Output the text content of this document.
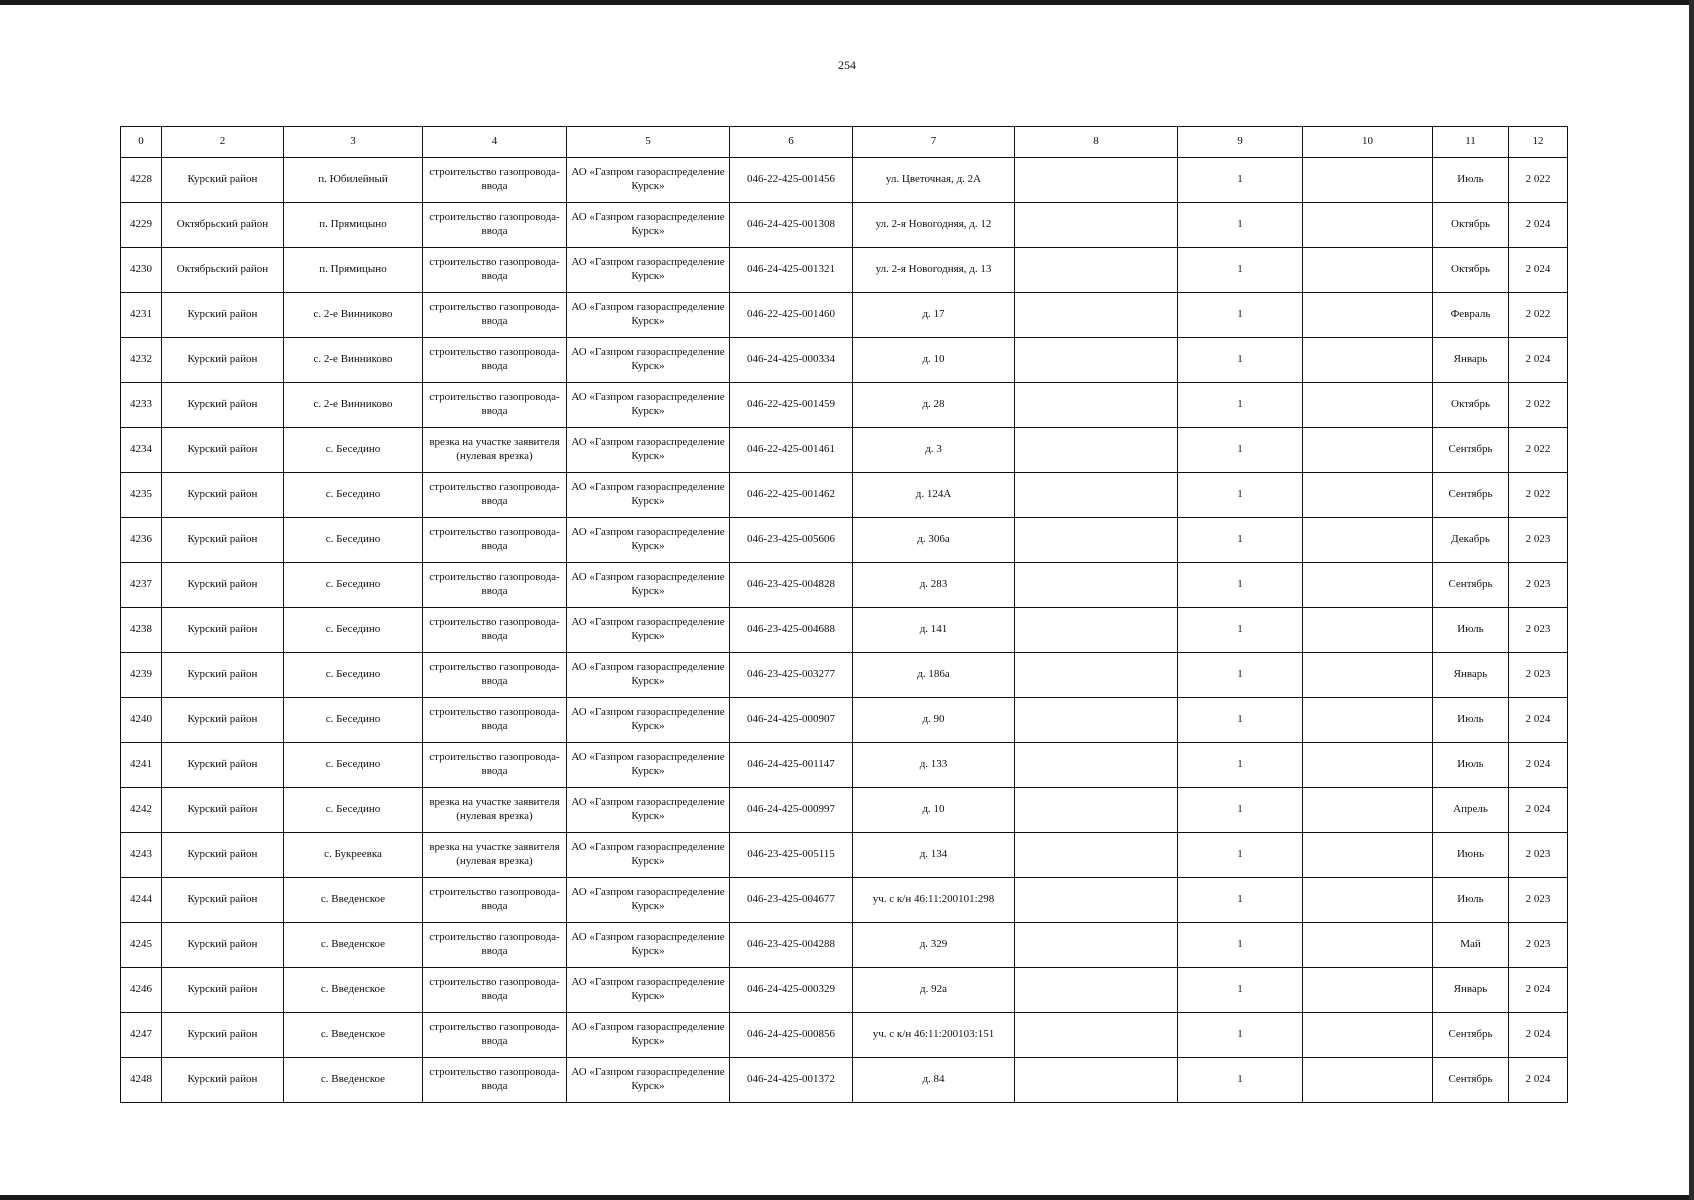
254
0	2	3	4	5	6	7	8	9	10	11	12
4228	Курский район	п. Юбилейный	строительство газопровода-ввода	АО «Газпром газораспределение Курск»	046-22-425-001456	ул. Цветочная, д. 2А		1		Июль	2 022
4229	Октябрьский район	п. Прямицыно	строительство газопровода-ввода	АО «Газпром газораспределение Курск»	046-24-425-001308	ул. 2-я Новогодняя, д. 12		1		Октябрь	2 024
4230	Октябрьский район	п. Прямицыно	строительство газопровода-ввода	АО «Газпром газораспределение Курск»	046-24-425-001321	ул. 2-я Новогодняя, д. 13		1		Октябрь	2 024
4231	Курский район	с. 2-е Винниково	строительство газопровода-ввода	АО «Газпром газораспределение Курск»	046-22-425-001460	д. 17		1		Февраль	2 022
4232	Курский район	с. 2-е Винниково	строительство газопровода-ввода	АО «Газпром газораспределение Курск»	046-24-425-000334	д. 10		1		Январь	2 024
4233	Курский район	с. 2-е Винниково	строительство газопровода-ввода	АО «Газпром газораспределение Курск»	046-22-425-001459	д. 28		1		Октябрь	2 022
4234	Курский район	с. Беседино	врезка на участке заявителя (нулевая врезка)	АО «Газпром газораспределение Курск»	046-22-425-001461	д. 3		1		Сентябрь	2 022
4235	Курский район	с. Беседино	строительство газопровода-ввода	АО «Газпром газораспределение Курск»	046-22-425-001462	д. 124А		1		Сентябрь	2 022
4236	Курский район	с. Беседино	строительство газопровода-ввода	АО «Газпром газораспределение Курск»	046-23-425-005606	д. 306а		1		Декабрь	2 023
4237	Курский район	с. Беседино	строительство газопровода-ввода	АО «Газпром газораспределение Курск»	046-23-425-004828	д. 283		1		Сентябрь	2 023
4238	Курский район	с. Беседино	строительство газопровода-ввода	АО «Газпром газораспределение Курск»	046-23-425-004688	д. 141		1		Июль	2 023
4239	Курский район	с. Беседино	строительство газопровода-ввода	АО «Газпром газораспределение Курск»	046-23-425-003277	д. 186а		1		Январь	2 023
4240	Курский район	с. Беседино	строительство газопровода-ввода	АО «Газпром газораспределение Курск»	046-24-425-000907	д. 90		1		Июль	2 024
4241	Курский район	с. Беседино	строительство газопровода-ввода	АО «Газпром газораспределение Курск»	046-24-425-001147	д. 133		1		Июль	2 024
4242	Курский район	с. Беседино	врезка на участке заявителя (нулевая врезка)	АО «Газпром газораспределение Курск»	046-24-425-000997	д. 10		1		Апрель	2 024
4243	Курский район	с. Букреевка	врезка на участке заявителя (нулевая врезка)	АО «Газпром газораспределение Курск»	046-23-425-005115	д. 134		1		Июнь	2 023
4244	Курский район	с. Введенское	строительство газопровода-ввода	АО «Газпром газораспределение Курск»	046-23-425-004677	уч. с к/н 46:11:200101:298		1		Июль	2 023
4245	Курский район	с. Введенское	строительство газопровода-ввода	АО «Газпром газораспределение Курск»	046-23-425-004288	д. 329		1		Май	2 023
4246	Курский район	с. Введенское	строительство газопровода-ввода	АО «Газпром газораспределение Курск»	046-24-425-000329	д. 92а		1		Январь	2 024
4247	Курский район	с. Введенское	строительство газопровода-ввода	АО «Газпром газораспределение Курск»	046-24-425-000856	уч. с к/н 46:11:200103:151		1		Сентябрь	2 024
4248	Курский район	с. Введенское	строительство газопровода-ввода	АО «Газпром газораспределение Курск»	046-24-425-001372	д. 84		1		Сентябрь	2 024
